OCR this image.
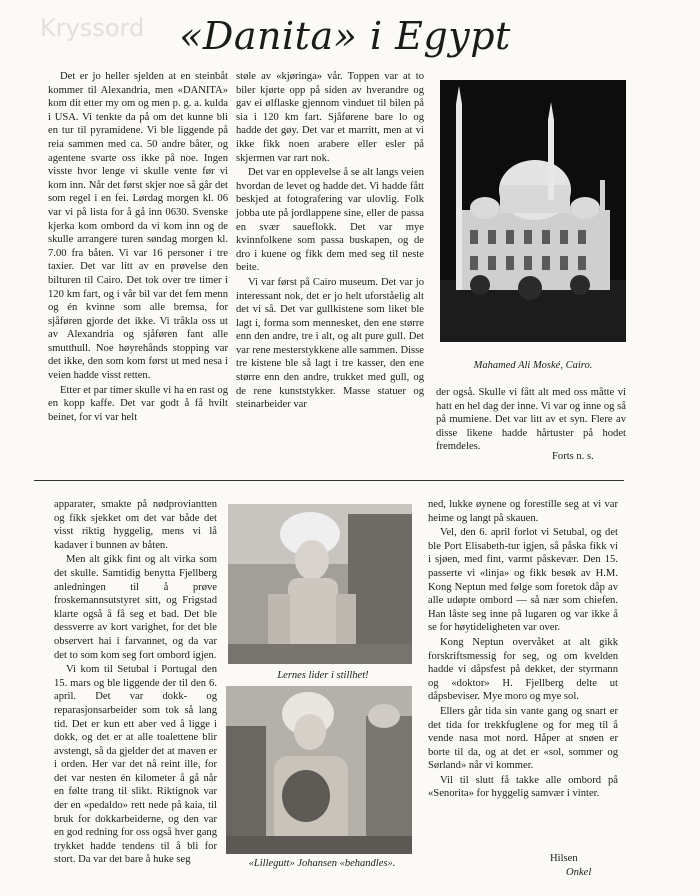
Kryssord «Danita» i Egypt

Det er jo heller sjelden at en steinbåt kommer til Alexandria, men «DANITA» kom dit etter my om og men p. g. a. kulda i USA. Vi tenkte da på om det kunne bli en tur til pyramidene. Vi ble liggende på reia sammen med ca. 50 andre båter, og agentene svarte oss ikke på noe. Ingen visste hvor lenge vi skulle vente før vi kom inn. Når det først skjer noe så går det som regel i en fei. Lørdag morgen kl. 06 var vi på lista for å gå inn 0630. Svenske kjerka kom ombord da vi kom inn og de skulle arrangere turen søndag morgen kl. 7.00 fra båten. Vi var 16 personer i tre taxier. Det var litt av en prøvelse den bilturen til Cairo. Det tok over tre timer i 120 km fart, og i vår bil var det fem menn og én kvinne som alle bremsa, for sjåføren gjorde det ikke. Vi tråkla oss ut av Alexandria og sjåføren fant alle smutthull. Noe høyrehånds stopping var det ikke, den som kom først ut med nesa i veien hadde visst retten.

Etter et par timer skulle vi ha en rast og en kopp kaffe. Det var godt å få hvilt beinet, for vi var helt

støle av «kjøringa» vår. Toppen var at to biler kjørte opp på siden av hverandre og gav ei ølflaske gjennom vinduet til bilen på sia i 120 km fart. Sjåførene bare lo og hadde det gøy. Det var et marritt, men at vi ikke fikk noen arabere eller esler på skjermen var rart nok.

Det var en opplevelse å se alt langs veien hvordan de levet og hadde det. Vi hadde fått beskjed at fotografering var ulovlig. Folk jobba ute på jordlappene sine, eller de passa en svær saueflokk. Det var mye kvinnfolkene som passa buskapen, og de dro i kuene og fikk dem med seg til neste beite.

Vi var først på Cairo museum. Det var jo interessant nok, det er jo helt uforståelig alt det vi så. Det var gullkistene som liket ble lagt i, forma som mennesket, den ene større enn den andre, tre i alt, og alt pure gull. Det var rene mesterstykkene alle sammen. Disse tre kistene ble så lagt i tre kasser, den ene større enn den andre, trukket med gull, og de rene kunststykker. Masse statuer og steinarbeider var

Mahamed Ali Moské, Cairo.

der også. Skulle vi fått alt med oss måtte vi hatt en hel dag der inne. Vi var og inne og så på mumiene. Det var litt av et syn. Flere av disse likene hadde hårtuster på hodet fremdeles.

Forts n. s.

apparater, smakte på nødproviantten og fikk sjekket om det var både det visst riktig hyggelig, mens vi lå kadaver i bunnen av båten.

Men alt gikk fint og alt virka som det skulle. Samtidig benytta Fjellberg anledningen til å prøve froskemannsutstyret sitt, og Frigstad klarte også å få seg et bad. Det ble dessverre av kort varighet, for det ble observert hai i farvannet, og da var det to som kom seg fort ombord igjen.

Vi kom til Setubal i Portugal den 15. mars og ble liggende der til den 6. april. Det var dokk- og reparasjonsarbeider som tok så lang tid. Det er kun ett aber ved å ligge i dokk, og det er at alle toalettene blir avstengt, så da gjelder det at maven er i orden. Her var det nå reint ille, for det var nesten én kilometer å gå når en følte trang til slikt. Riktignok var der en «pedaldo» rett nede på kaia, til bruk for dokkarbeiderne, og den var en god redning for oss også hver gang trykket hadde tendens til å bli for stort. Da var det bare å huke seg

Lernes lider i stillhet!
«Lillegutt» Johansen «behandles».

ned, lukke øynene og forestille seg at vi var heime og langt på skauen.

Vel, den 6. april forlot vi Setubal, og det ble Port Elisabeth-tur igjen, så påska fikk vi i sjøen, med fint, varmt påskevær. Den 15. passerte vi «linja» og fikk besøk av H.M. Kong Neptun med følge som foretok dåp av alle udøpte ombord — så nær som chiefen. Han låste seg inne på lugaren og var ikke å se for høytideligheten var over.

Kong Neptun overvåket at alt gikk forskriftsmessig for seg, og om kvelden hadde vi dåpsfest på dekket, der styrmann og «doktor» H. Fjellberg delte ut dåpsbeviser. Mye moro og mye sol.

Ellers går tida sin vante gang og snart er det tida for trekkfuglene og for meg til å vende nasa mot nord. Håper at snøen er borte til da, og at det er «sol, sommer og Sørland» når vi kommer.

Vil til slutt få takke alle ombord på «Senorita» for hyggelig samvær i vinter.

Hilsen
Onkel
